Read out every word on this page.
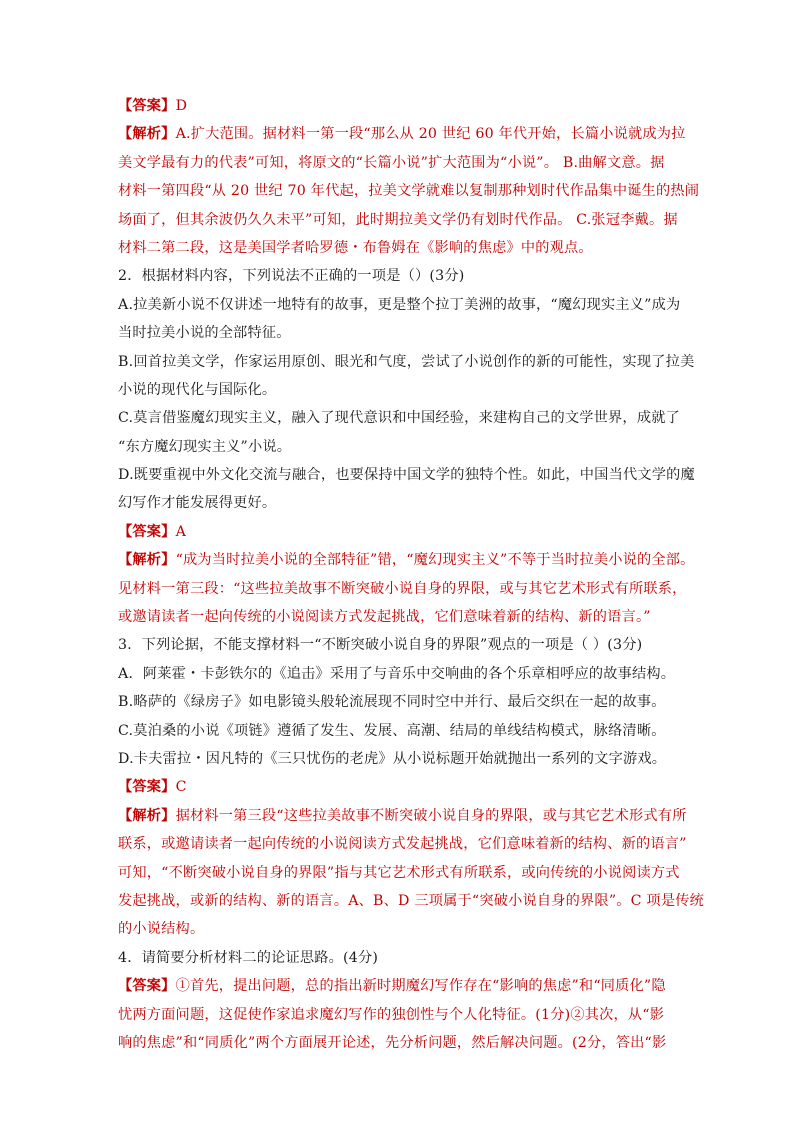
【答案】D
【解析】A.扩大范围。据材料一第一段“那么从 20 世纪 60 年代开始，长篇小说就成为拉
美文学最有力的代表”可知，将原文的“长篇小说”扩大范围为“小说”。 B.曲解文意。据
材料一第四段“从 20 世纪 70 年代起，拉美文学就难以复制那种划时代作品集中诞生的热闹
场面了，但其余波仍久久未平”可知，此时期拉美文学仍有划时代作品。 C.张冠李戴。据
材料二第二段，这是美国学者哈罗德・布鲁姆在《影响的焦虑》中的观点。
2．根据材料内容，下列说法不正确的一项是（）(3分)
A.拉美新小说不仅讲述一地特有的故事，更是整个拉丁美洲的故事，“魔幻现实主义”成为
当时拉美小说的全部特征。
B.回首拉美文学，作家运用原创、眼光和气度，尝试了小说创作的新的可能性，实现了拉美
小说的现代化与国际化。
C.莫言借鉴魔幻现实主义，融入了现代意识和中国经验，来建构自己的文学世界，成就了
“东方魔幻现实主义”小说。
D.既要重视中外文化交流与融合，也要保持中国文学的独特个性。如此，中国当代文学的魔
幻写作才能发展得更好。
【答案】A
【解析】“成为当时拉美小说的全部特征”错，“魔幻现实主义”不等于当时拉美小说的全部。
见材料一第三段：“这些拉美故事不断突破小说自身的界限，或与其它艺术形式有所联系，
或邀请读者一起向传统的小说阅读方式发起挑战，它们意味着新的结构、新的语言。”
3．下列论据，不能支撑材料一“不断突破小说自身的界限”观点的一项是（ ）(3分)
A．阿莱霍・卡彭铁尔的《追击》采用了与音乐中交响曲的各个乐章相呼应的故事结构。
B.略萨的《绿房子》如电影镜头般轮流展现不同时空中并行、最后交织在一起的故事。
C.莫泊桑的小说《项链》遵循了发生、发展、高潮、结局的单线结构模式，脉络清晰。
D.卡夫雷拉・因凡特的《三只忧伤的老虎》从小说标题开始就抛出一系列的文字游戏。
【答案】C
【解析】据材料一第三段“这些拉美故事不断突破小说自身的界限，或与其它艺术形式有所
联系，或邀请读者一起向传统的小说阅读方式发起挑战，它们意味着新的结构、新的语言”
可知，“不断突破小说自身的界限”指与其它艺术形式有所联系，或向传统的小说阅读方式
发起挑战，或新的结构、新的语言。A、B、D 三项属于“突破小说自身的界限”。C 项是传统
的小说结构。
4．请简要分析材料二的论证思路。(4分)
【答案】①首先，提出问题，总的指出新时期魔幻写作存在“影响的焦虑”和“同质化”隐
忧两方面问题，这促使作家追求魔幻写作的独创性与个人化特征。(1分)②其次，从“影
响的焦虑”和“同质化”两个方面展开论述，先分析问题，然后解决问题。(2分，答出“影
